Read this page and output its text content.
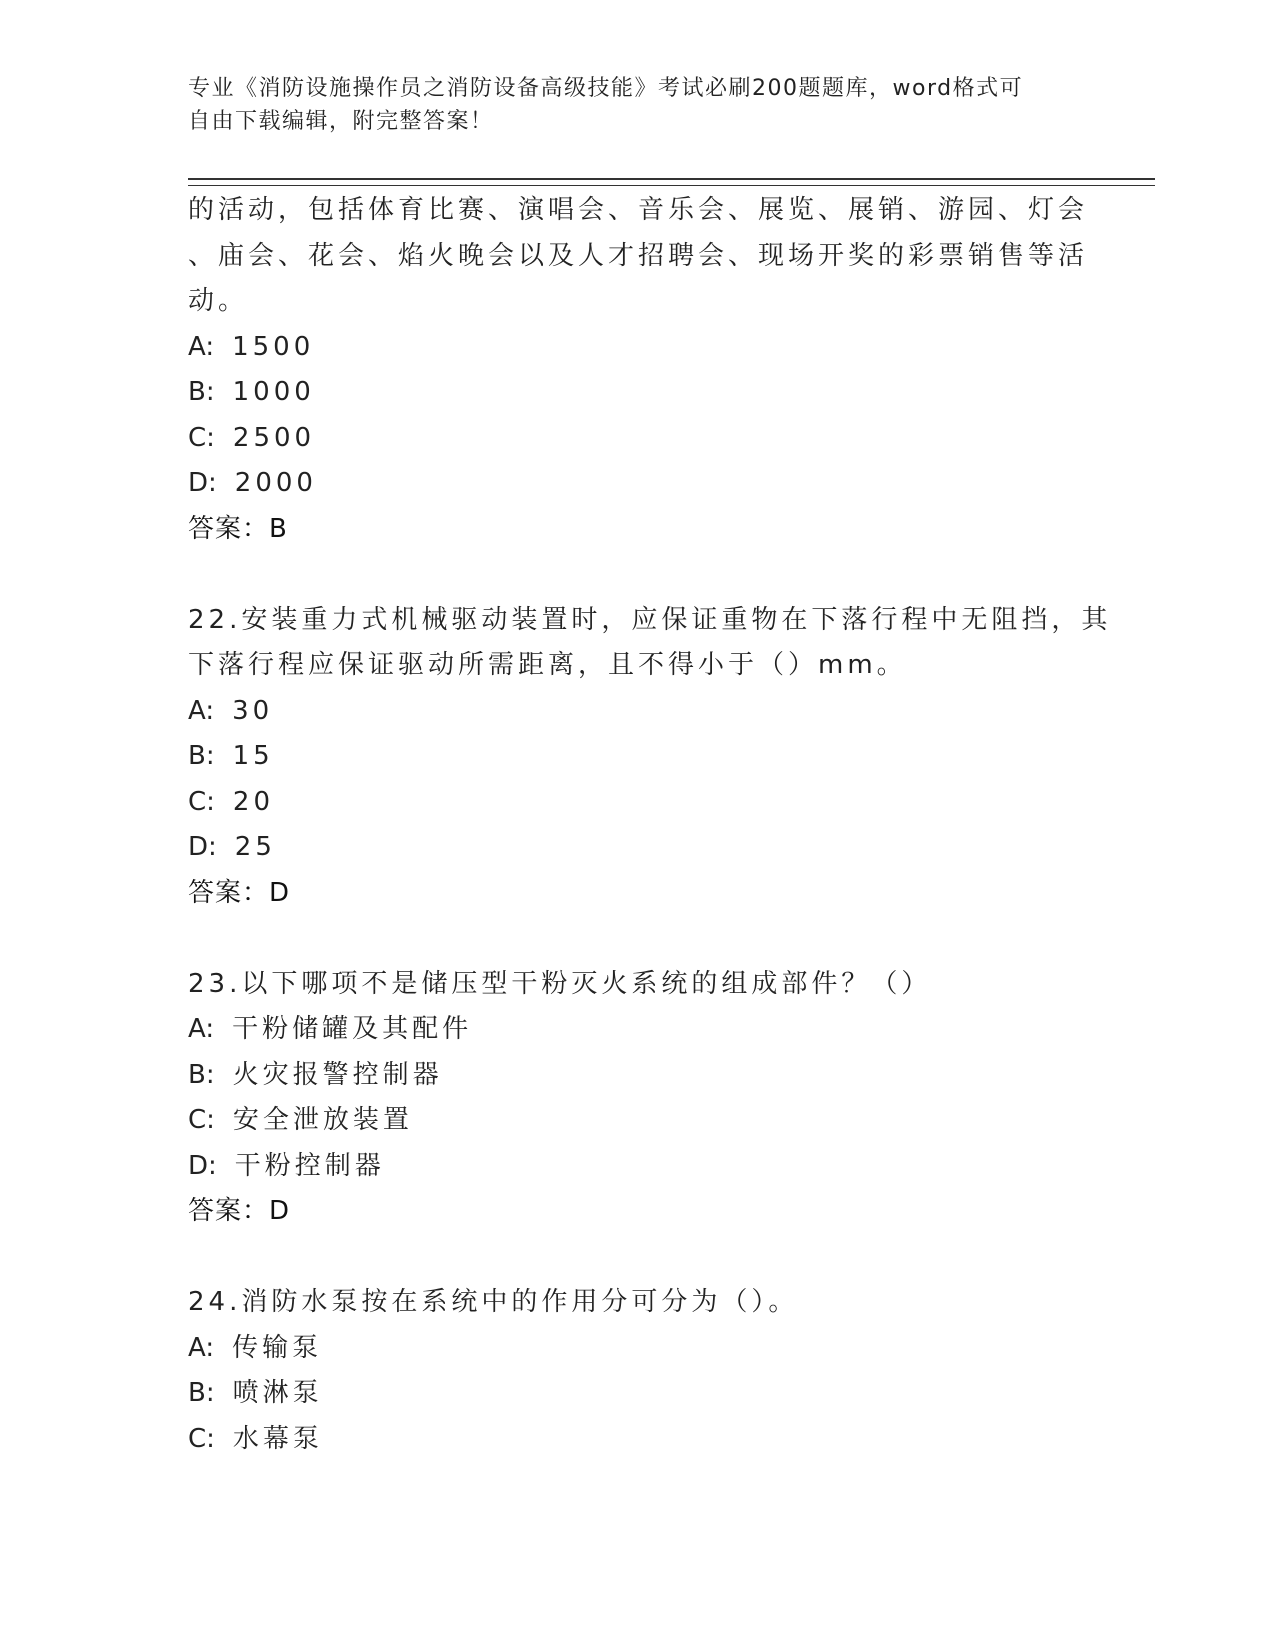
专业《消防设施操作员之消防设备高级技能》考试必刷200题题库，word格式可
自由下载编辑，附完整答案！
的活动，包括体育比赛、演唱会、音乐会、展览、展销、游园、灯会
、庙会、花会、焰火晚会以及人才招聘会、现场开奖的彩票销售等活
动。
A: 1500
B: 1000
C: 2500
D: 2000
答案：B
22.安装重力式机械驱动装置时，应保证重物在下落行程中无阻挡，其
下落行程应保证驱动所需距离，且不得小于（）mm。
A: 30
B: 15
C: 20
D: 25
答案：D
23.以下哪项不是储压型干粉灭火系统的组成部件？（）
A: 干粉储罐及其配件
B: 火灾报警控制器
C: 安全泄放装置
D: 干粉控制器
答案：D
24.消防水泵按在系统中的作用分可分为（）。
A: 传输泵
B: 喷淋泵
C: 水幕泵
